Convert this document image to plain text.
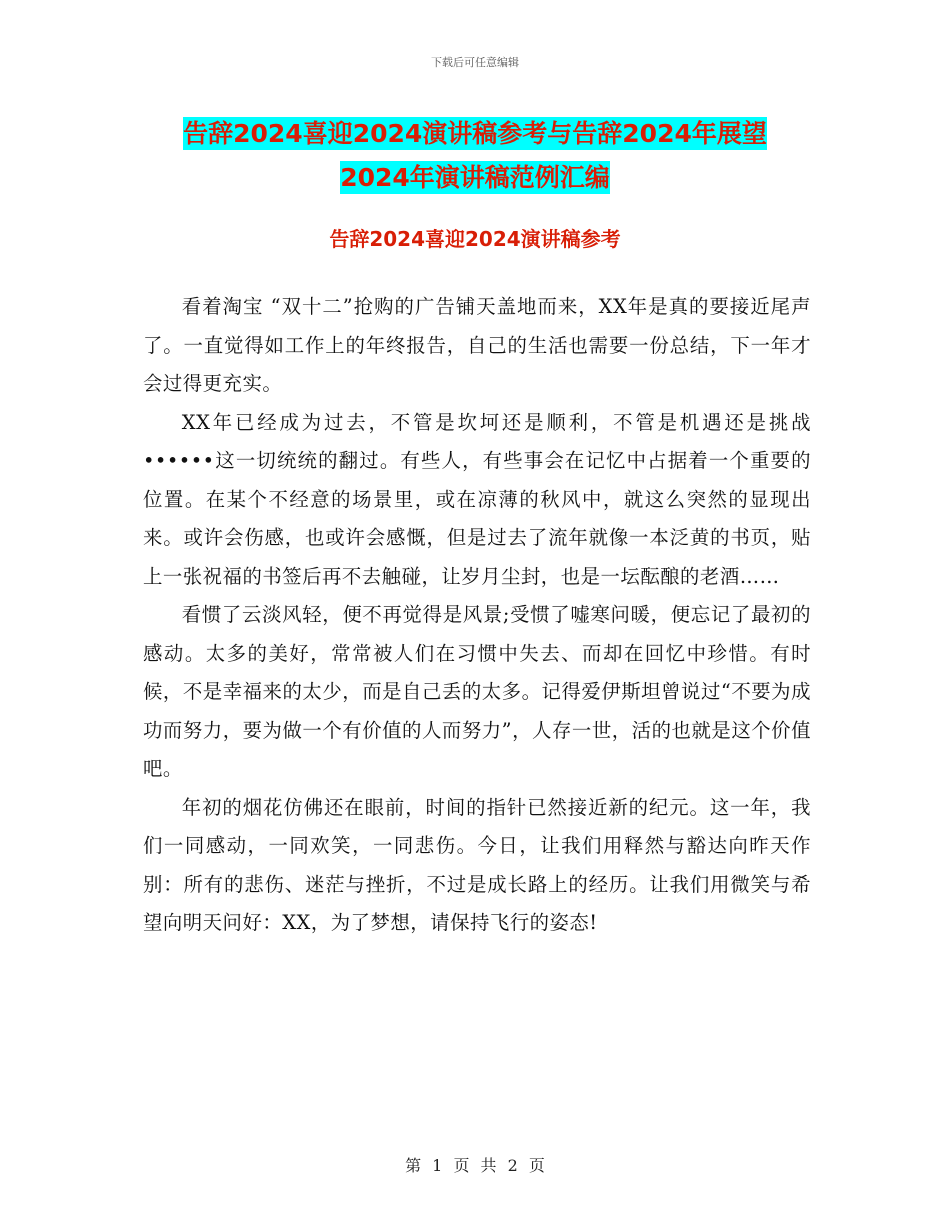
下载后可任意编辑
告辞2024喜迎2024演讲稿参考与告辞2024年展望
2024年演讲稿范例汇编
告辞2024喜迎2024演讲稿参考

看着淘宝 “双十二”抢购的广告铺天盖地而来，XX年是真的要接近尾声了。一直觉得如工作上的年终报告，自己的生活也需要一份总结，下一年才会过得更充实。

XX年已经成为过去，不管是坎坷还是顺利，不管是机遇还是挑战••••••这一切统统的翻过。有些人，有些事会在记忆中占据着一个重要的位置。在某个不经意的场景里，或在凉薄的秋风中，就这么突然的显现出来。或许会伤感，也或许会感慨，但是过去了流年就像一本泛黄的书页，贴上一张祝福的书签后再不去触碰，让岁月尘封，也是一坛酝酿的老酒……

看惯了云淡风轻，便不再觉得是风景;受惯了嘘寒问暖，便忘记了最初的感动。太多的美好，常常被人们在习惯中失去、而却在回忆中珍惜。有时候，不是幸福来的太少，而是自己丢的太多。记得爱伊斯坦曾说过“不要为成功而努力，要为做一个有价值的人而努力”，人存一世，活的也就是这个价值吧。

年初的烟花仿佛还在眼前，时间的指针已然接近新的纪元。这一年，我们一同感动，一同欢笑，一同悲伤。今日，让我们用释然与豁达向昨天作别：所有的悲伤、迷茫与挫折，不过是成长路上的经历。让我们用微笑与希望向明天问好：XX，为了梦想，请保持飞行的姿态!

第 1 页 共 2 页
